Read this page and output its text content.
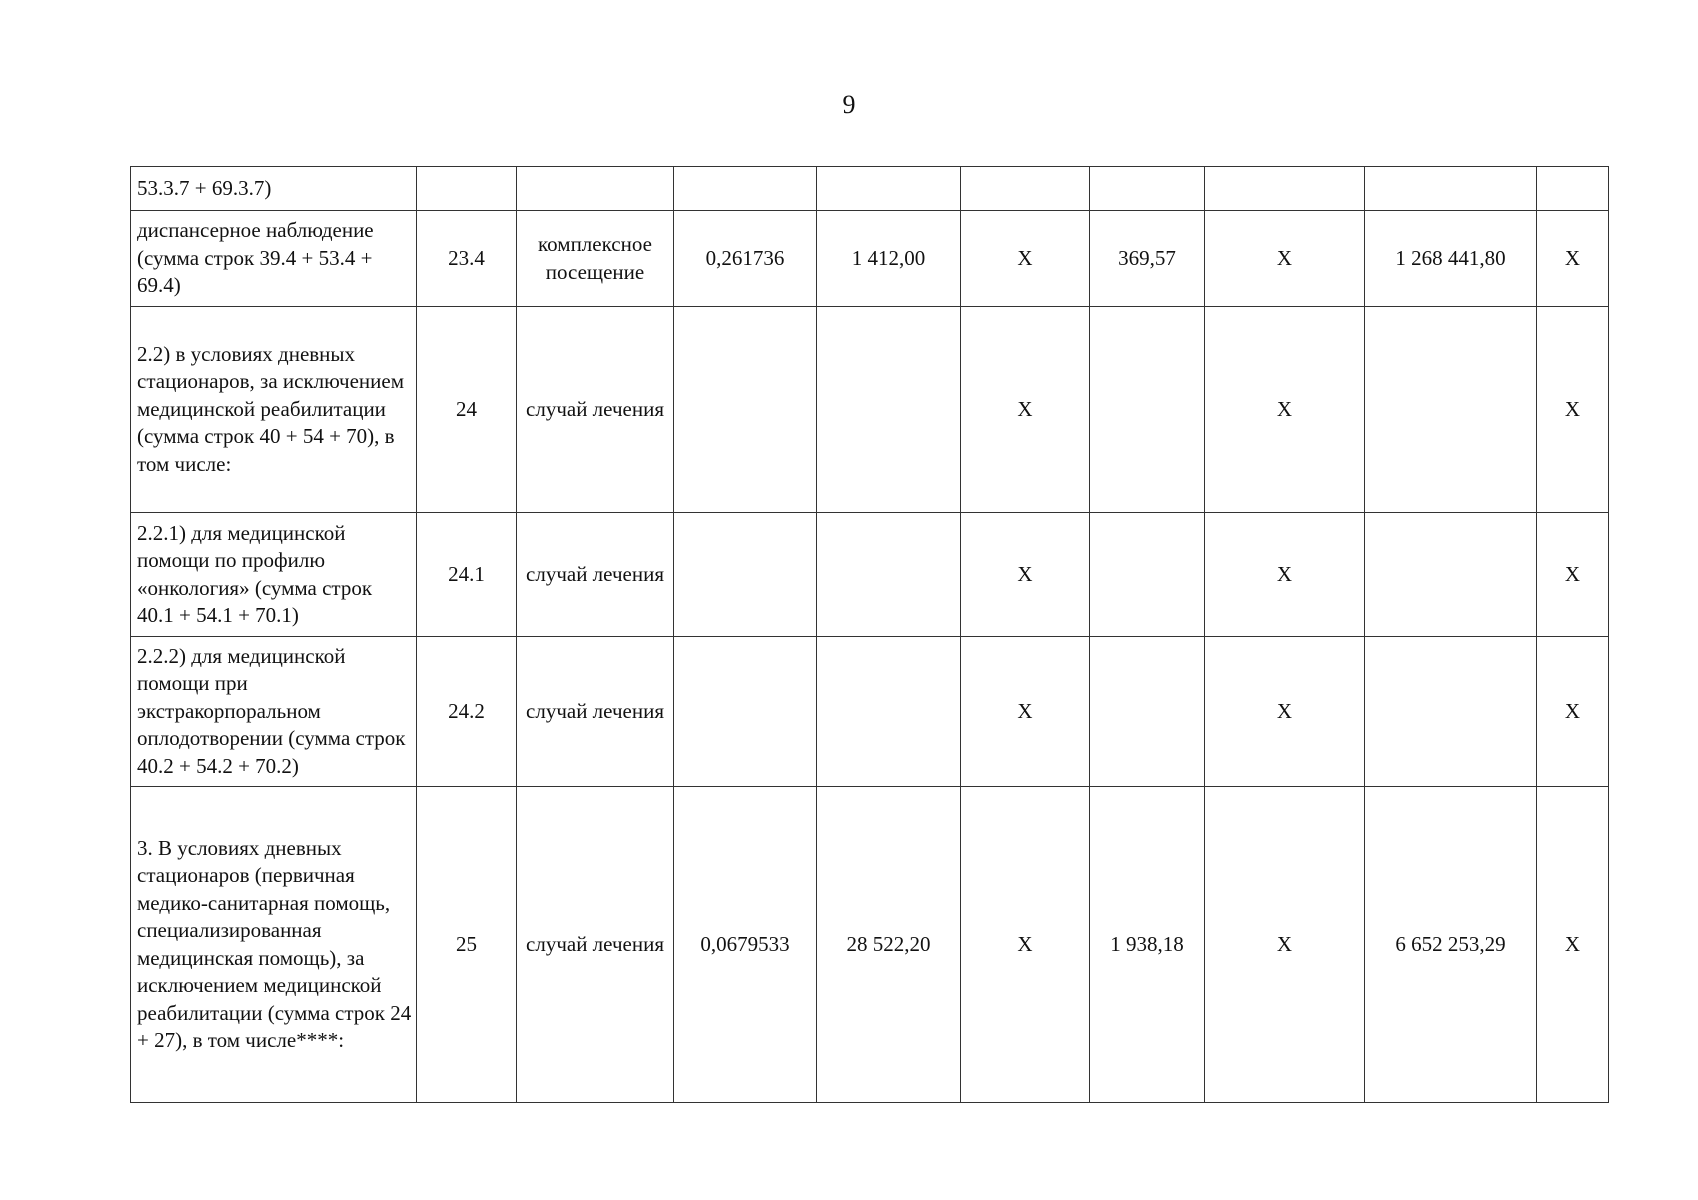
9
53.3.7 + 69.3.7)									
диспансерное наблюдение (сумма строк 39.4 + 53.4 + 69.4)	23.4	комплексное посещение	0,261736	1 412,00	X	369,57	X	1 268 441,80	X
2.2) в условиях дневных стационаров, за исключением медицинской реабилитации (сумма строк 40 + 54 + 70), в том числе:	24	случай лечения			X		X		X
2.2.1) для медицинской помощи по профилю «онкология» (сумма строк 40.1 + 54.1 + 70.1)	24.1	случай лечения			X		X		X
2.2.2) для медицинской помощи при экстракорпоральном оплодотворении (сумма строк 40.2 + 54.2 + 70.2)	24.2	случай лечения			X		X		X
3. В условиях дневных стационаров (первичная медико-санитарная помощь, специализированная медицинская помощь), за исключением медицинской реабилитации (сумма строк 24 + 27), в том числе****:	25	случай лечения	0,0679533	28 522,20	X	1 938,18	X	6 652 253,29	X
